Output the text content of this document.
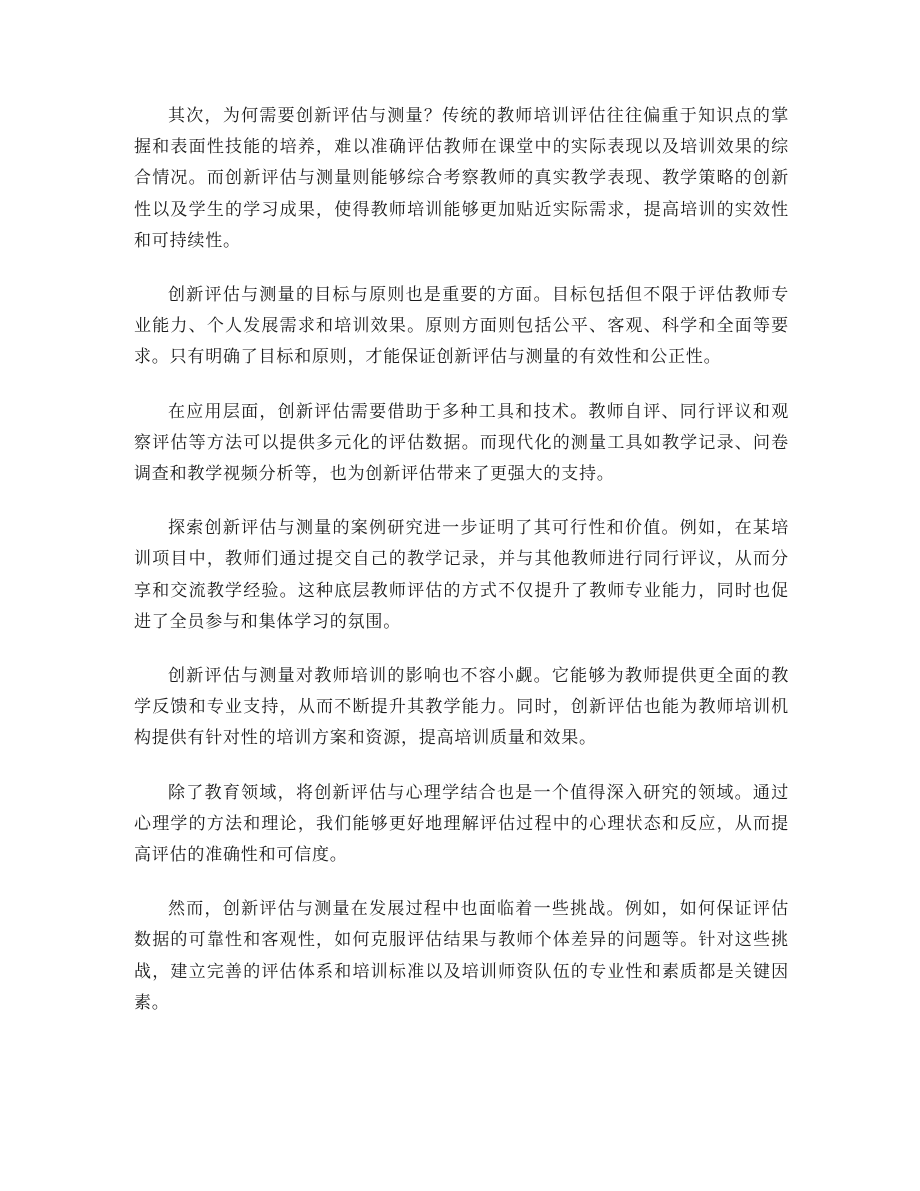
其次，为何需要创新评估与测量？传统的教师培训评估往往偏重于知识点的掌握和表面性技能的培养，难以准确评估教师在课堂中的实际表现以及培训效果的综合情况。而创新评估与测量则能够综合考察教师的真实教学表现、教学策略的创新性以及学生的学习成果，使得教师培训能够更加贴近实际需求，提高培训的实效性和可持续性。

创新评估与测量的目标与原则也是重要的方面。目标包括但不限于评估教师专业能力、个人发展需求和培训效果。原则方面则包括公平、客观、科学和全面等要求。只有明确了目标和原则，才能保证创新评估与测量的有效性和公正性。

在应用层面，创新评估需要借助于多种工具和技术。教师自评、同行评议和观察评估等方法可以提供多元化的评估数据。而现代化的测量工具如教学记录、问卷调查和教学视频分析等，也为创新评估带来了更强大的支持。

探索创新评估与测量的案例研究进一步证明了其可行性和价值。例如，在某培训项目中，教师们通过提交自己的教学记录，并与其他教师进行同行评议，从而分享和交流教学经验。这种底层教师评估的方式不仅提升了教师专业能力，同时也促进了全员参与和集体学习的氛围。

创新评估与测量对教师培训的影响也不容小觑。它能够为教师提供更全面的教学反馈和专业支持，从而不断提升其教学能力。同时，创新评估也能为教师培训机构提供有针对性的培训方案和资源，提高培训质量和效果。

除了教育领域，将创新评估与心理学结合也是一个值得深入研究的领域。通过心理学的方法和理论，我们能够更好地理解评估过程中的心理状态和反应，从而提高评估的准确性和可信度。

然而，创新评估与测量在发展过程中也面临着一些挑战。例如，如何保证评估数据的可靠性和客观性，如何克服评估结果与教师个体差异的问题等。针对这些挑战，建立完善的评估体系和培训标准以及培训师资队伍的专业性和素质都是关键因素。
